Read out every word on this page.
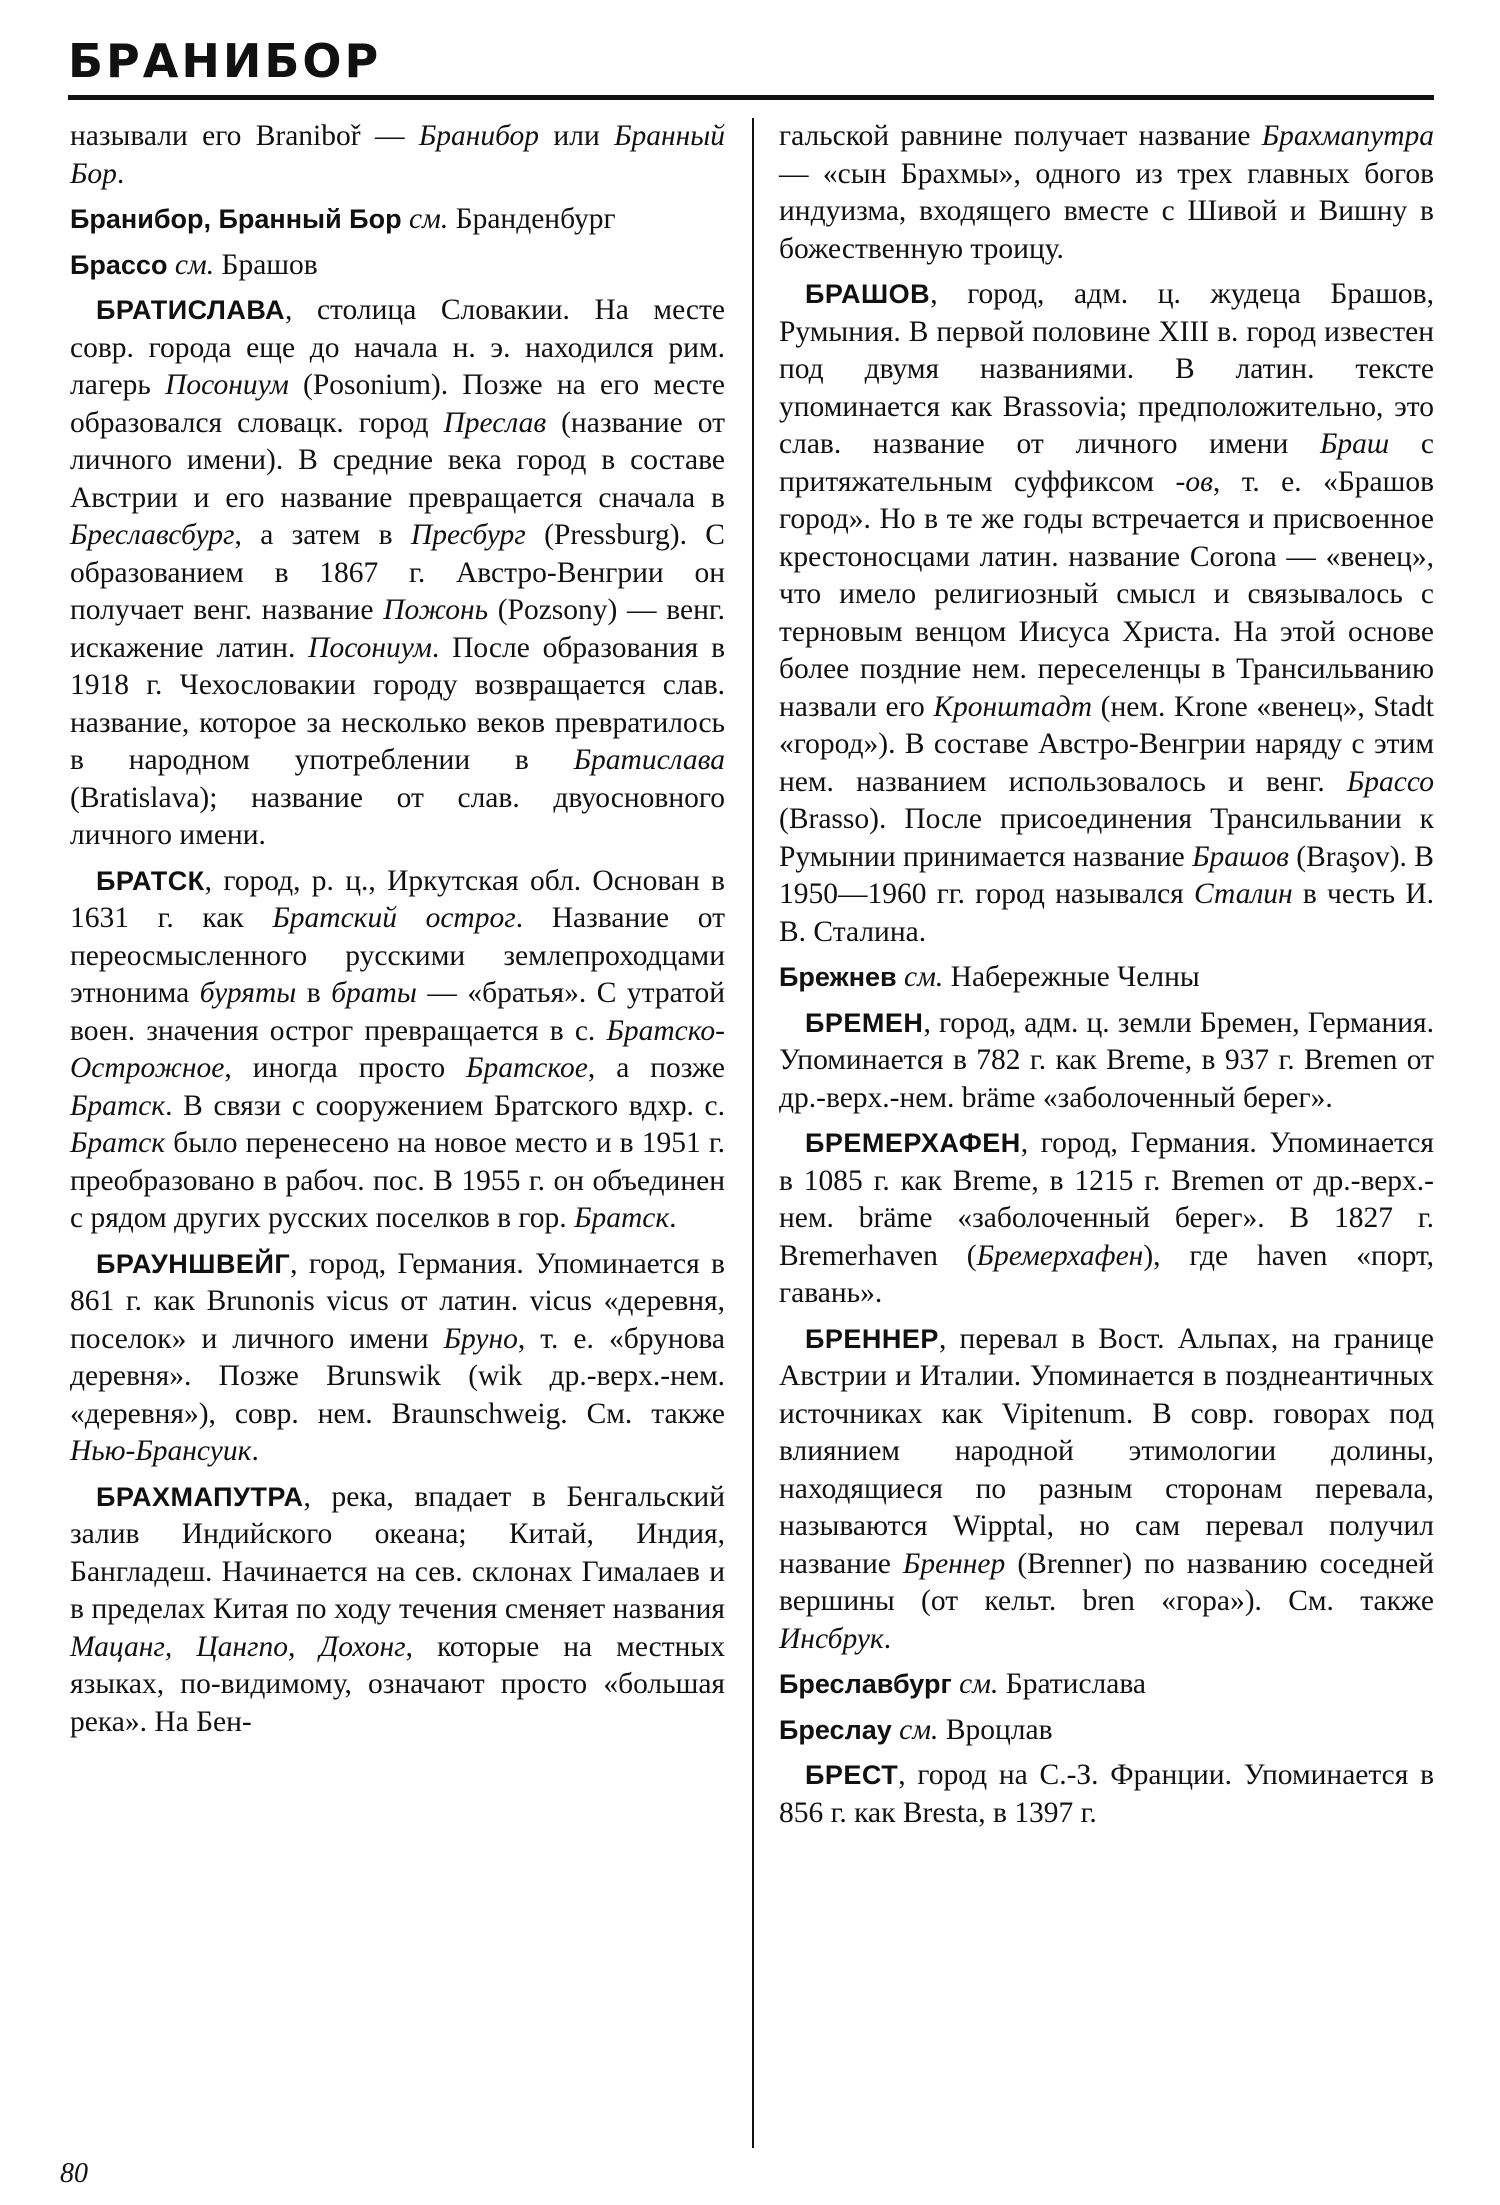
БРАНИБОР

называли его Braniboř — Бранибор или Бранный Бор.

Бранибор, Бранный Бор см. Бранденбург

Брассо см. Брашов

БРАТИСЛАВА, столица Словакии. На месте совр. города еще до начала н. э. находился рим. лагерь Посониум (Posonium). Позже на его месте образовался словацк. город Преслав (название от личного имени). В средние века город в составе Австрии и его название превращается сначала в Бреславсбург, а затем в Пресбург (Pressburg). С образованием в 1867 г. Австро-Венгрии он получает венг. название Пожонь (Pozsony) — венг. искажение латин. Посониум. После образования в 1918 г. Чехословакии городу возвращается слав. название, которое за несколько веков превратилось в народном употреблении в Братислава (Bratislava); название от слав. двуосновного личного имени.

БРАТСК, город, р. ц., Иркутская обл. Основан в 1631 г. как Братский острог. Название от переосмысленного русскими землепроходцами этнонима буряты в браты — «братья». С утратой воен. значения острог превращается в с. Братско-Острожное, иногда просто Братское, а позже Братск. В связи с сооружением Братского вдхр. с. Братск было перенесено на новое место и в 1951 г. преобразовано в рабоч. пос. В 1955 г. он объединен с рядом других русских поселков в гор. Братск.

БРАУНШВЕЙГ, город, Германия. Упоминается в 861 г. как Brunonis vicus от латин. vicus «деревня, поселок» и личного имени Бруно, т. е. «брунова деревня». Позже Brunswik (wik др.-верх.-нем. «деревня»), совр. нем. Braunschweig. См. также Нью-Брансуик.

БРАХМАПУТРА, река, впадает в Бенгальский залив Индийского океана; Китай, Индия, Бангладеш. Начинается на сев. склонах Гималаев и в пределах Китая по ходу течения сменяет названия Мацанг, Цангпо, Дохонг, которые на местных языках, по-видимому, означают просто «большая река». На Бен-

гальской равнине получает название Брахмапутра — «сын Брахмы», одного из трех главных богов индуизма, входящего вместе с Шивой и Вишну в божественную троицу.

БРАШОВ, город, адм. ц. жудеца Брашов, Румыния. В первой половине XIII в. город известен под двумя названиями. В латин. тексте упоминается как Brassovia; предположительно, это слав. название от личного имени Браш с притяжательным суффиксом -ов, т. е. «Брашов город». Но в те же годы встречается и присвоенное крестоносцами латин. название Corona — «венец», что имело религиозный смысл и связывалось с терновым венцом Иисуса Христа. На этой основе более поздние нем. переселенцы в Трансильванию назвали его Кронштадт (нем. Krone «венец», Stadt «город»). В составе Австро-Венгрии наряду с этим нем. названием использовалось и венг. Брассо (Brasso). После присоединения Трансильвании к Румынии принимается название Брашов (Braşov). В 1950—1960 гг. город назывался Сталин в честь И. В. Сталина.

Брежнев см. Набережные Челны

БРЕМЕН, город, адм. ц. земли Бремен, Германия. Упоминается в 782 г. как Breme, в 937 г. Bremen от др.-верх.-нем. bräme «заболоченный берег».

БРЕМЕРХАФЕН, город, Германия. Упоминается в 1085 г. как Breme, в 1215 г. Bremen от др.-верх.-нем. bräme «заболоченный берег». В 1827 г. Bremerhaven (Бремерхафен), где haven «порт, гавань».

БРЕННЕР, перевал в Вост. Альпах, на границе Австрии и Италии. Упоминается в позднеантичных источниках как Vipitenum. В совр. говорах под влиянием народной этимологии долины, находящиеся по разным сторонам перевала, называются Wipptal, но сам перевал получил название Бреннер (Brenner) по названию соседней вершины (от кельт. bren «гора»). См. также Инсбрук.

Бреславбург см. Братислава

Бреслау см. Вроцлав

БРЕСТ, город на С.-З. Франции. Упоминается в 856 г. как Bresta, в 1397 г.

80
